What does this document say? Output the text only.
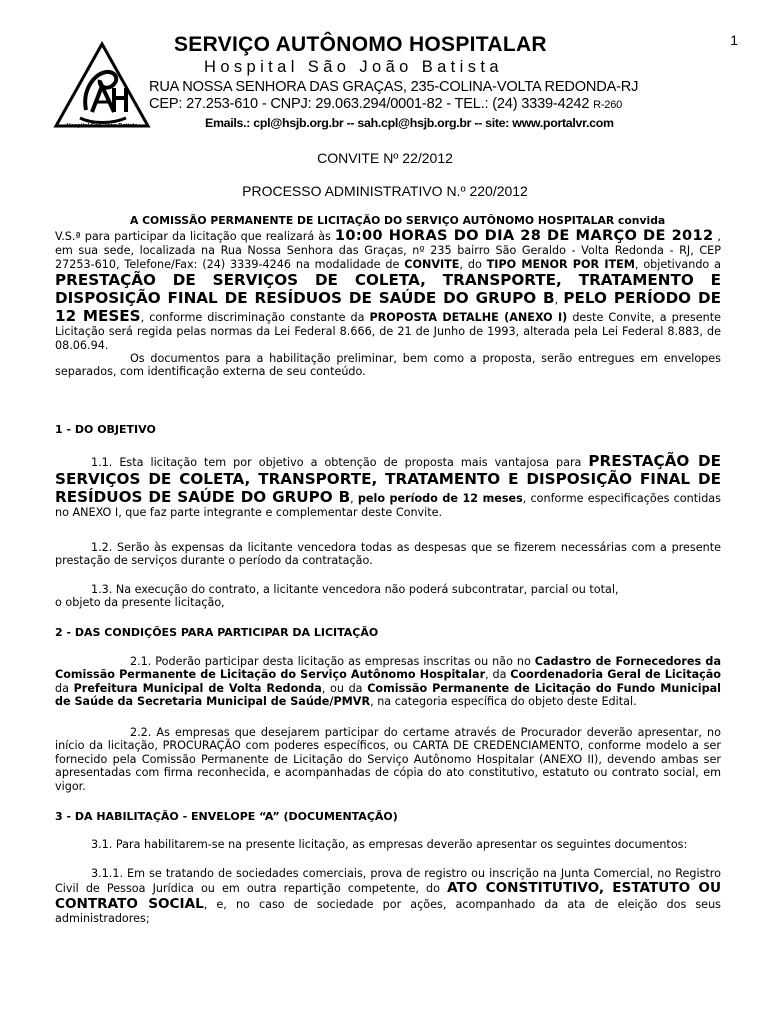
Hospital São João Batista
SERVIÇO AUTÔNOMO HOSPITALAR	1
Hospital São João Batista
RUA NOSSA SENHORA DAS GRAÇAS, 235-COLINA-VOLTA REDONDA-RJ
CEP: 27.253-610 - CNPJ: 29.063.294/0001-82 - TEL.: (24) 3339-4242 R-260
Emails.: cpl@hsjb.org.br -- sah.cpl@hsjb.org.br -- site: www.portalvr.com
CONVITE Nº 22/2012
PROCESSO ADMINISTRATIVO N.º 220/2012

A COMISSÃO PERMANENTE DE LICITAÇÃO DO SERVIÇO AUTÔNOMO HOSPITALAR convida

V.S.ª para participar da licitação que realizará às 10:00 HORAS DO DIA 28 DE MARÇO DE 2012 , em sua sede, localizada na Rua Nossa Senhora das Graças, nº 235 bairro São Geraldo - Volta Redonda - RJ, CEP 27253-610, Telefone/Fax: (24) 3339-4246 na modalidade de CONVITE, do TIPO MENOR POR ITEM, objetivando a PRESTAÇÃO DE SERVIÇOS DE COLETA, TRANSPORTE, TRATAMENTO E DISPOSIÇÃO FINAL DE RESÍDUOS DE SAÚDE DO GRUPO B, PELO PERÍODO DE 12 MESES, conforme discriminação constante da PROPOSTA DETALHE (ANEXO I) deste Convite, a presente Licitação será regida pelas normas da Lei Federal 8.666, de 21 de Junho de 1993, alterada pela Lei Federal 8.883, de 08.06.94.

Os documentos para a habilitação preliminar, bem como a proposta, serão entregues em envelopes separados, com identificação externa de seu conteúdo.

1 - DO OBJETIVO

1.1. Esta licitação tem por objetivo a obtenção de proposta mais vantajosa para PRESTAÇÃO DE SERVIÇOS DE COLETA, TRANSPORTE, TRATAMENTO E DISPOSIÇÃO FINAL DE RESÍDUOS DE SAÚDE DO GRUPO B, pelo período de 12 meses, conforme especificações contidas no ANEXO I, que faz parte integrante e complementar deste Convite.

1.2. Serão às expensas da licitante vencedora todas as despesas que se fizerem necessárias com a presente prestação de serviços durante o período da contratação.

1.3. Na execução do contrato, a licitante vencedora não poderá subcontratar, parcial ou total,

o objeto da presente licitação,

2 - DAS CONDIÇÕES PARA PARTICIPAR DA LICITAÇÃO

2.1. Poderão participar desta licitação as empresas inscritas ou não no Cadastro de Fornecedores da Comissão Permanente de Licitação do Serviço Autônomo Hospitalar, da Coordenadoria Geral de Licitação da Prefeitura Municipal de Volta Redonda, ou da Comissão Permanente de Licitação do Fundo Municipal de Saúde da Secretaria Municipal de Saúde/PMVR, na categoria específica do objeto deste Edital.

2.2. As empresas que desejarem participar do certame através de Procurador deverão apresentar, no início da licitação, PROCURAÇÃO com poderes específicos, ou CARTA DE CREDENCIAMENTO, conforme modelo a ser fornecido pela Comissão Permanente de Licitação do Serviço Autônomo Hospitalar (ANEXO II), devendo ambas ser apresentadas com firma reconhecida, e acompanhadas de cópia do ato constitutivo, estatuto ou contrato social, em vigor.

3 - DA HABILITAÇÃO - ENVELOPE “A” (DOCUMENTAÇÃO)

3.1. Para habilitarem-se na presente licitação, as empresas deverão apresentar os seguintes documentos:

3.1.1. Em se tratando de sociedades comerciais, prova de registro ou inscrição na Junta Comercial, no Registro Civil de Pessoa Jurídica ou em outra repartição competente, do ATO CONSTITUTIVO, ESTATUTO OU CONTRATO SOCIAL, e, no caso de sociedade por ações, acompanhado da ata de eleição dos seus administradores;
